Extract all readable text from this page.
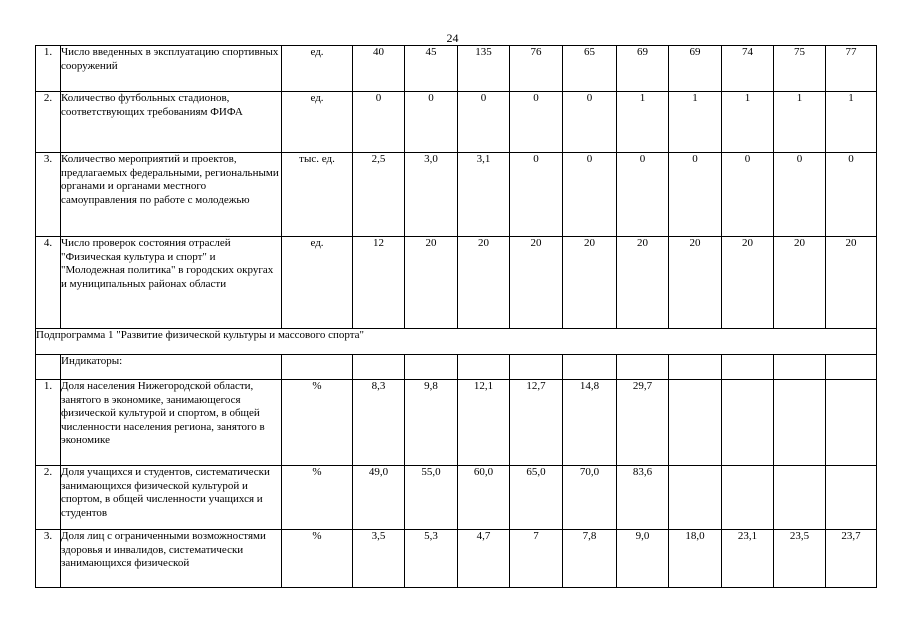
24
1.	Число введенных в эксплуатацию спортивных сооружений	ед.	40	45	135	76	65	69	69	74	75	77
2.	Количество футбольных стадионов, соответствующих требованиям ФИФА	ед.	0	0	0	0	0	1	1	1	1	1
3.	Количество мероприятий и проектов, предлагаемых федеральными, региональными органами и органами местного самоуправления по работе с молодежью	тыс. ед.	2,5	3,0	3,1	0	0	0	0	0	0	0
4.	Число проверок состояния отраслей "Физическая культура и спорт" и "Молодежная политика" в городских округах и муниципальных районах области	ед.	12	20	20	20	20	20	20	20	20	20
Подпрограмма 1 "Развитие физической культуры и массового спорта"												
	Индикаторы:											
1.	Доля населения Нижегородской области, занятого в экономике, занимающегося физической культурой и спортом, в общей численности населения региона, занятого в экономике	%	8,3	9,8	12,1	12,7	14,8	29,7				
2.	Доля учащихся и студентов, систематически занимающихся физической культурой и спортом, в общей численности учащихся и студентов	%	49,0	55,0	60,0	65,0	70,0	83,6				
3.	Доля лиц с ограниченными возможностями здоровья и инвалидов, систематически занимающихся физической	%	3,5	5,3	4,7	7	7,8	9,0	18,0	23,1	23,5	23,7
